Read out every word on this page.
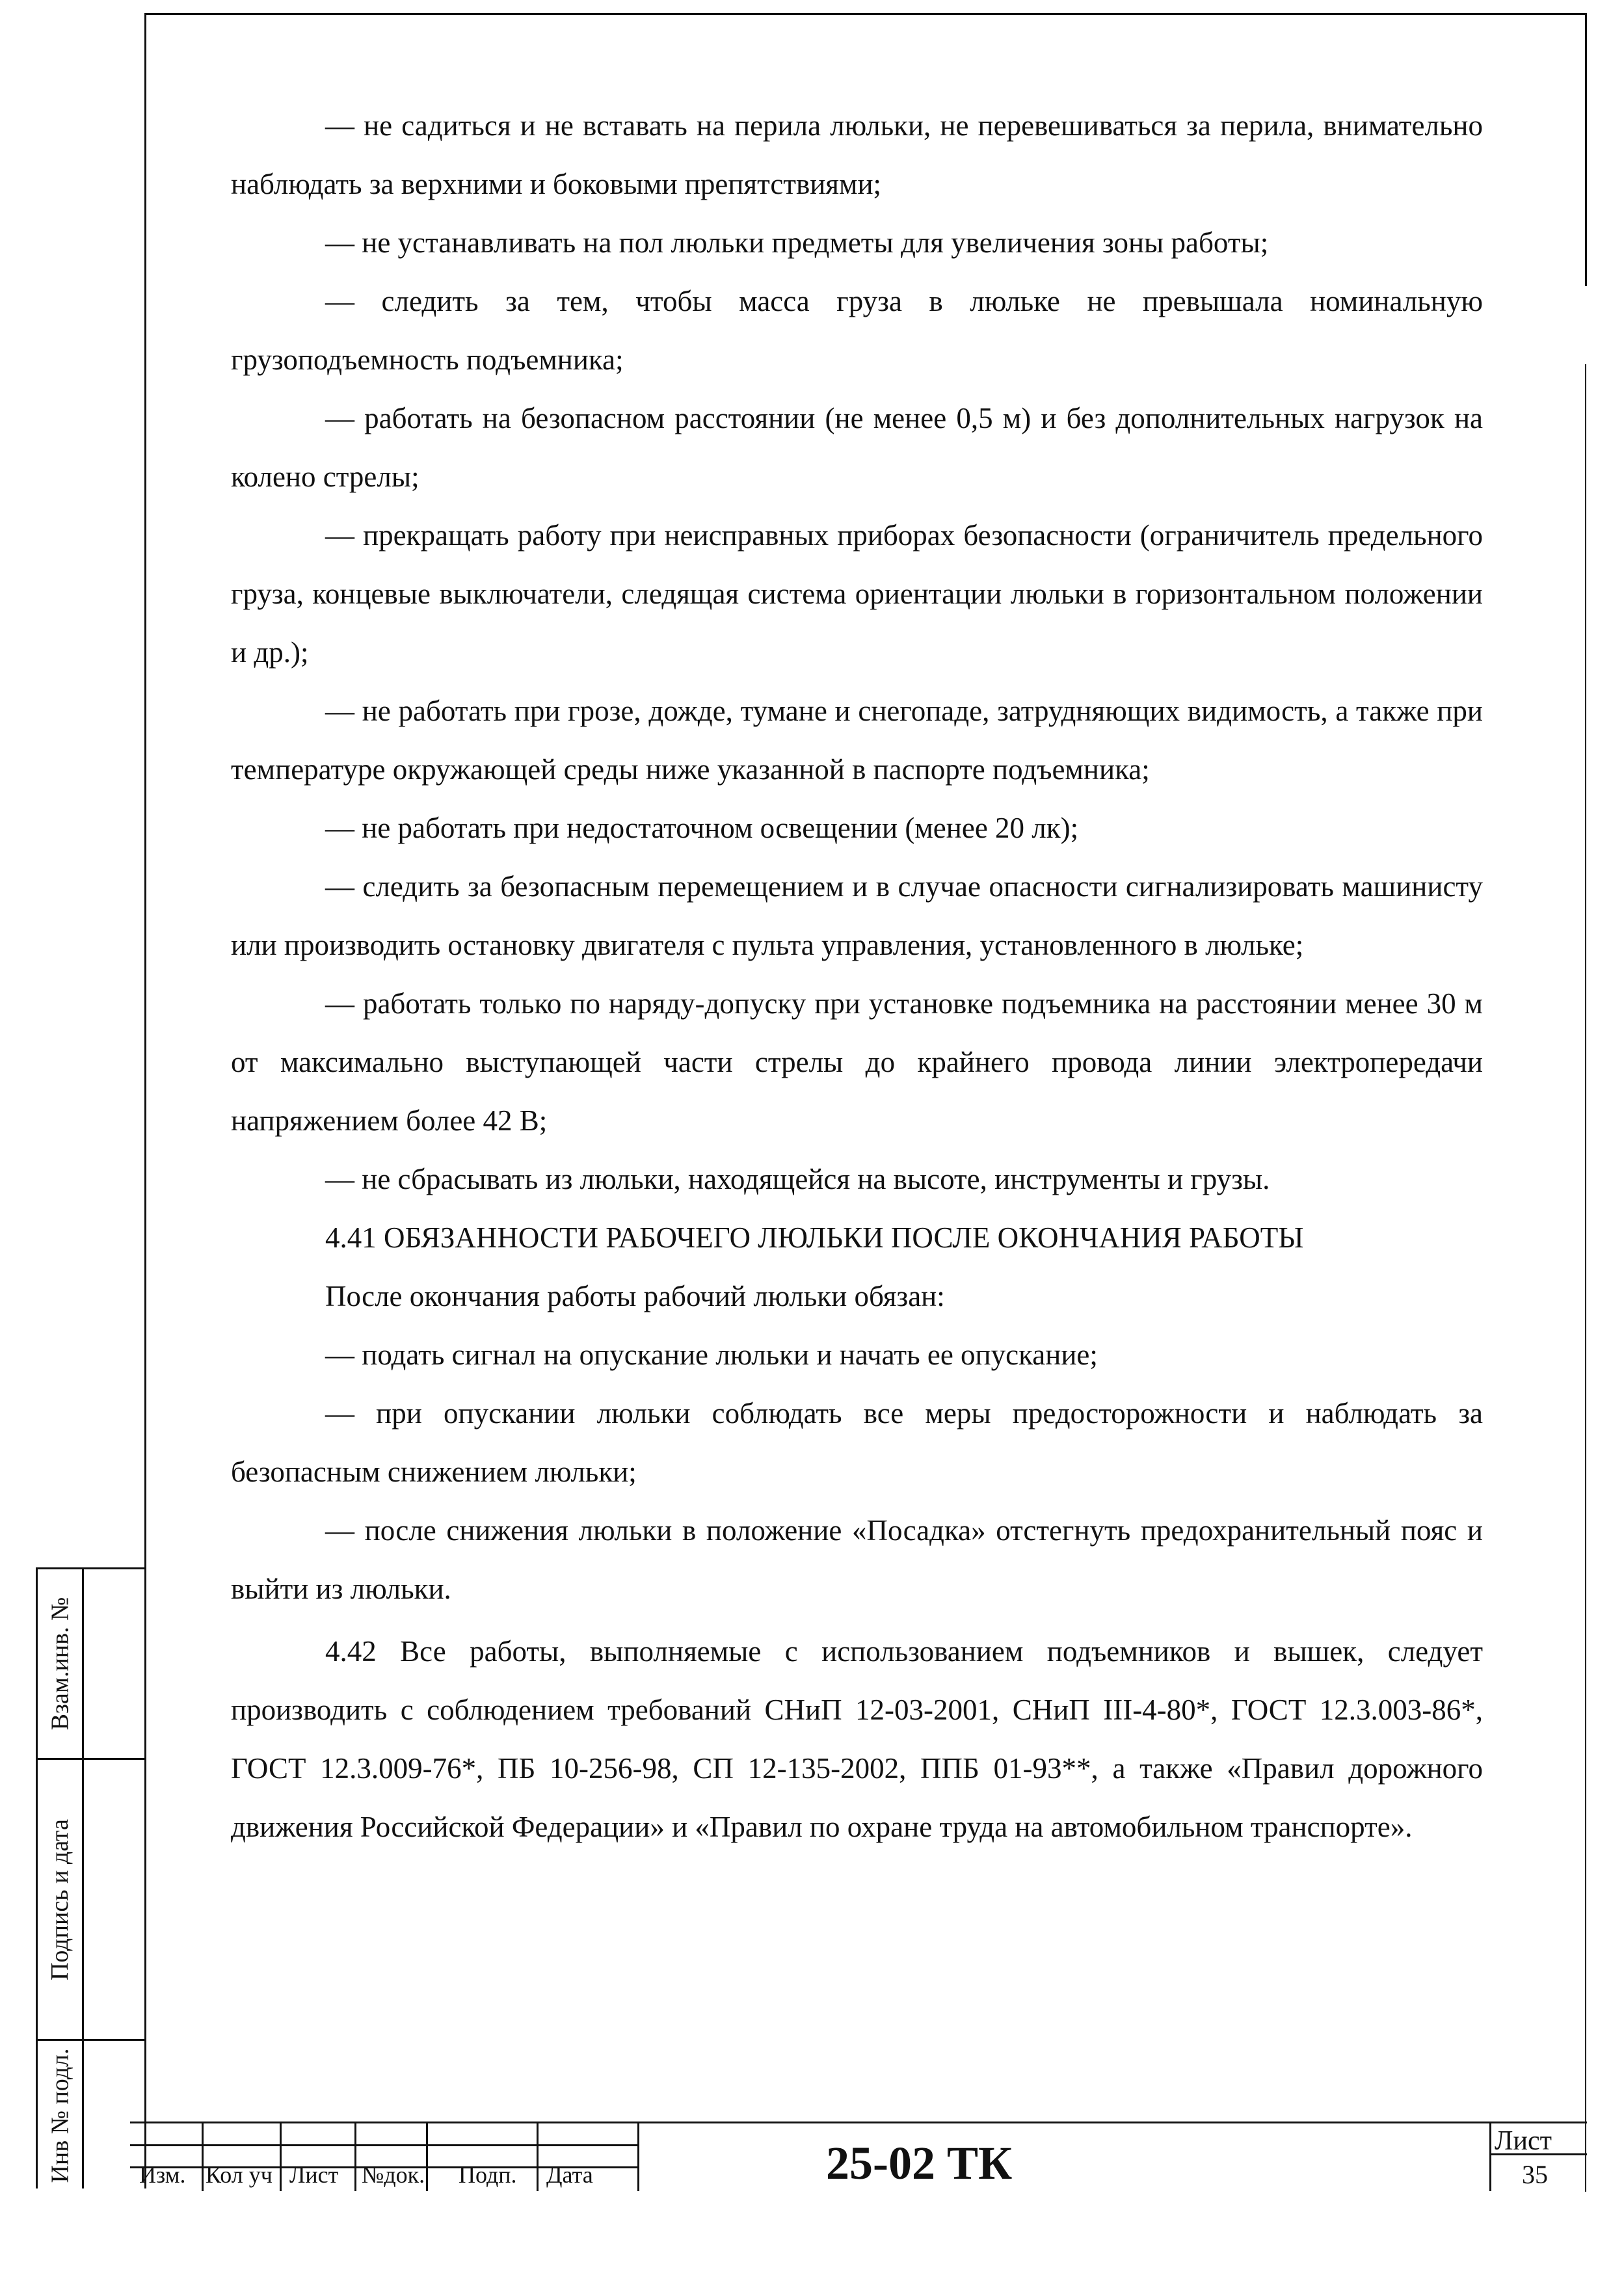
— не садиться и не вставать на перила люльки, не перевешиваться за перила, внимательно наблюдать за верхними и боковыми препятствиями;

— не устанавливать на пол люльки предметы для увеличения зоны работы;

— следить за тем, чтобы масса груза в люльке не превышала номинальную грузоподъемность подъемника;

— работать на безопасном расстоянии (не менее 0,5 м) и без дополнительных нагрузок на колено стрелы;

— прекращать работу при неисправных приборах безопасности (ограничитель предельного груза, концевые выключатели, следящая система ориентации люльки в горизонтальном положении и др.);

— не работать при грозе, дожде, тумане и снегопаде, затрудняющих видимость, а также при температуре окружающей среды ниже указанной в паспорте подъемника;

— не работать при недостаточном освещении (менее 20 лк);

— следить за безопасным перемещением и в случае опасности сигнализировать машинисту или производить остановку двигателя с пульта управления, установленного в люльке;

— работать только по наряду-допуску при установке подъемника на расстоянии менее 30 м от максимально выступающей части стрелы до крайнего провода линии электропередачи напряжением более 42 В;

— не сбрасывать из люльки, находящейся на высоте, инструменты и грузы.

4.41 ОБЯЗАННОСТИ РАБОЧЕГО ЛЮЛЬКИ ПОСЛЕ ОКОНЧАНИЯ РАБОТЫ

После окончания работы рабочий люльки обязан:

— подать сигнал на опускание люльки и начать ее опускание;

— при опускании люльки соблюдать все меры предосторожности и наблюдать за безопасным снижением люльки;

— после снижения люльки в положение «Посадка» отстегнуть предохранительный пояс и выйти из люльки.

4.42 Все работы, выполняемые с использованием подъемников и вышек, следует производить с соблюдением требований СНиП 12-03-2001, СНиП III-4-80*, ГОСТ 12.3.003-86*, ГОСТ 12.3.009-76*, ПБ 10-256-98, СП 12-135-2002, ППБ 01-93**, а также «Правил дорожного движения Российской Федерации» и «Правил по охране труда на автомобильном транспорте».

Взам.инв. №
Подпись и дата
Инв № подл.	Изм. Кол уч Лист №док. Подп. Дата	25-02 ТК	Лист
35
